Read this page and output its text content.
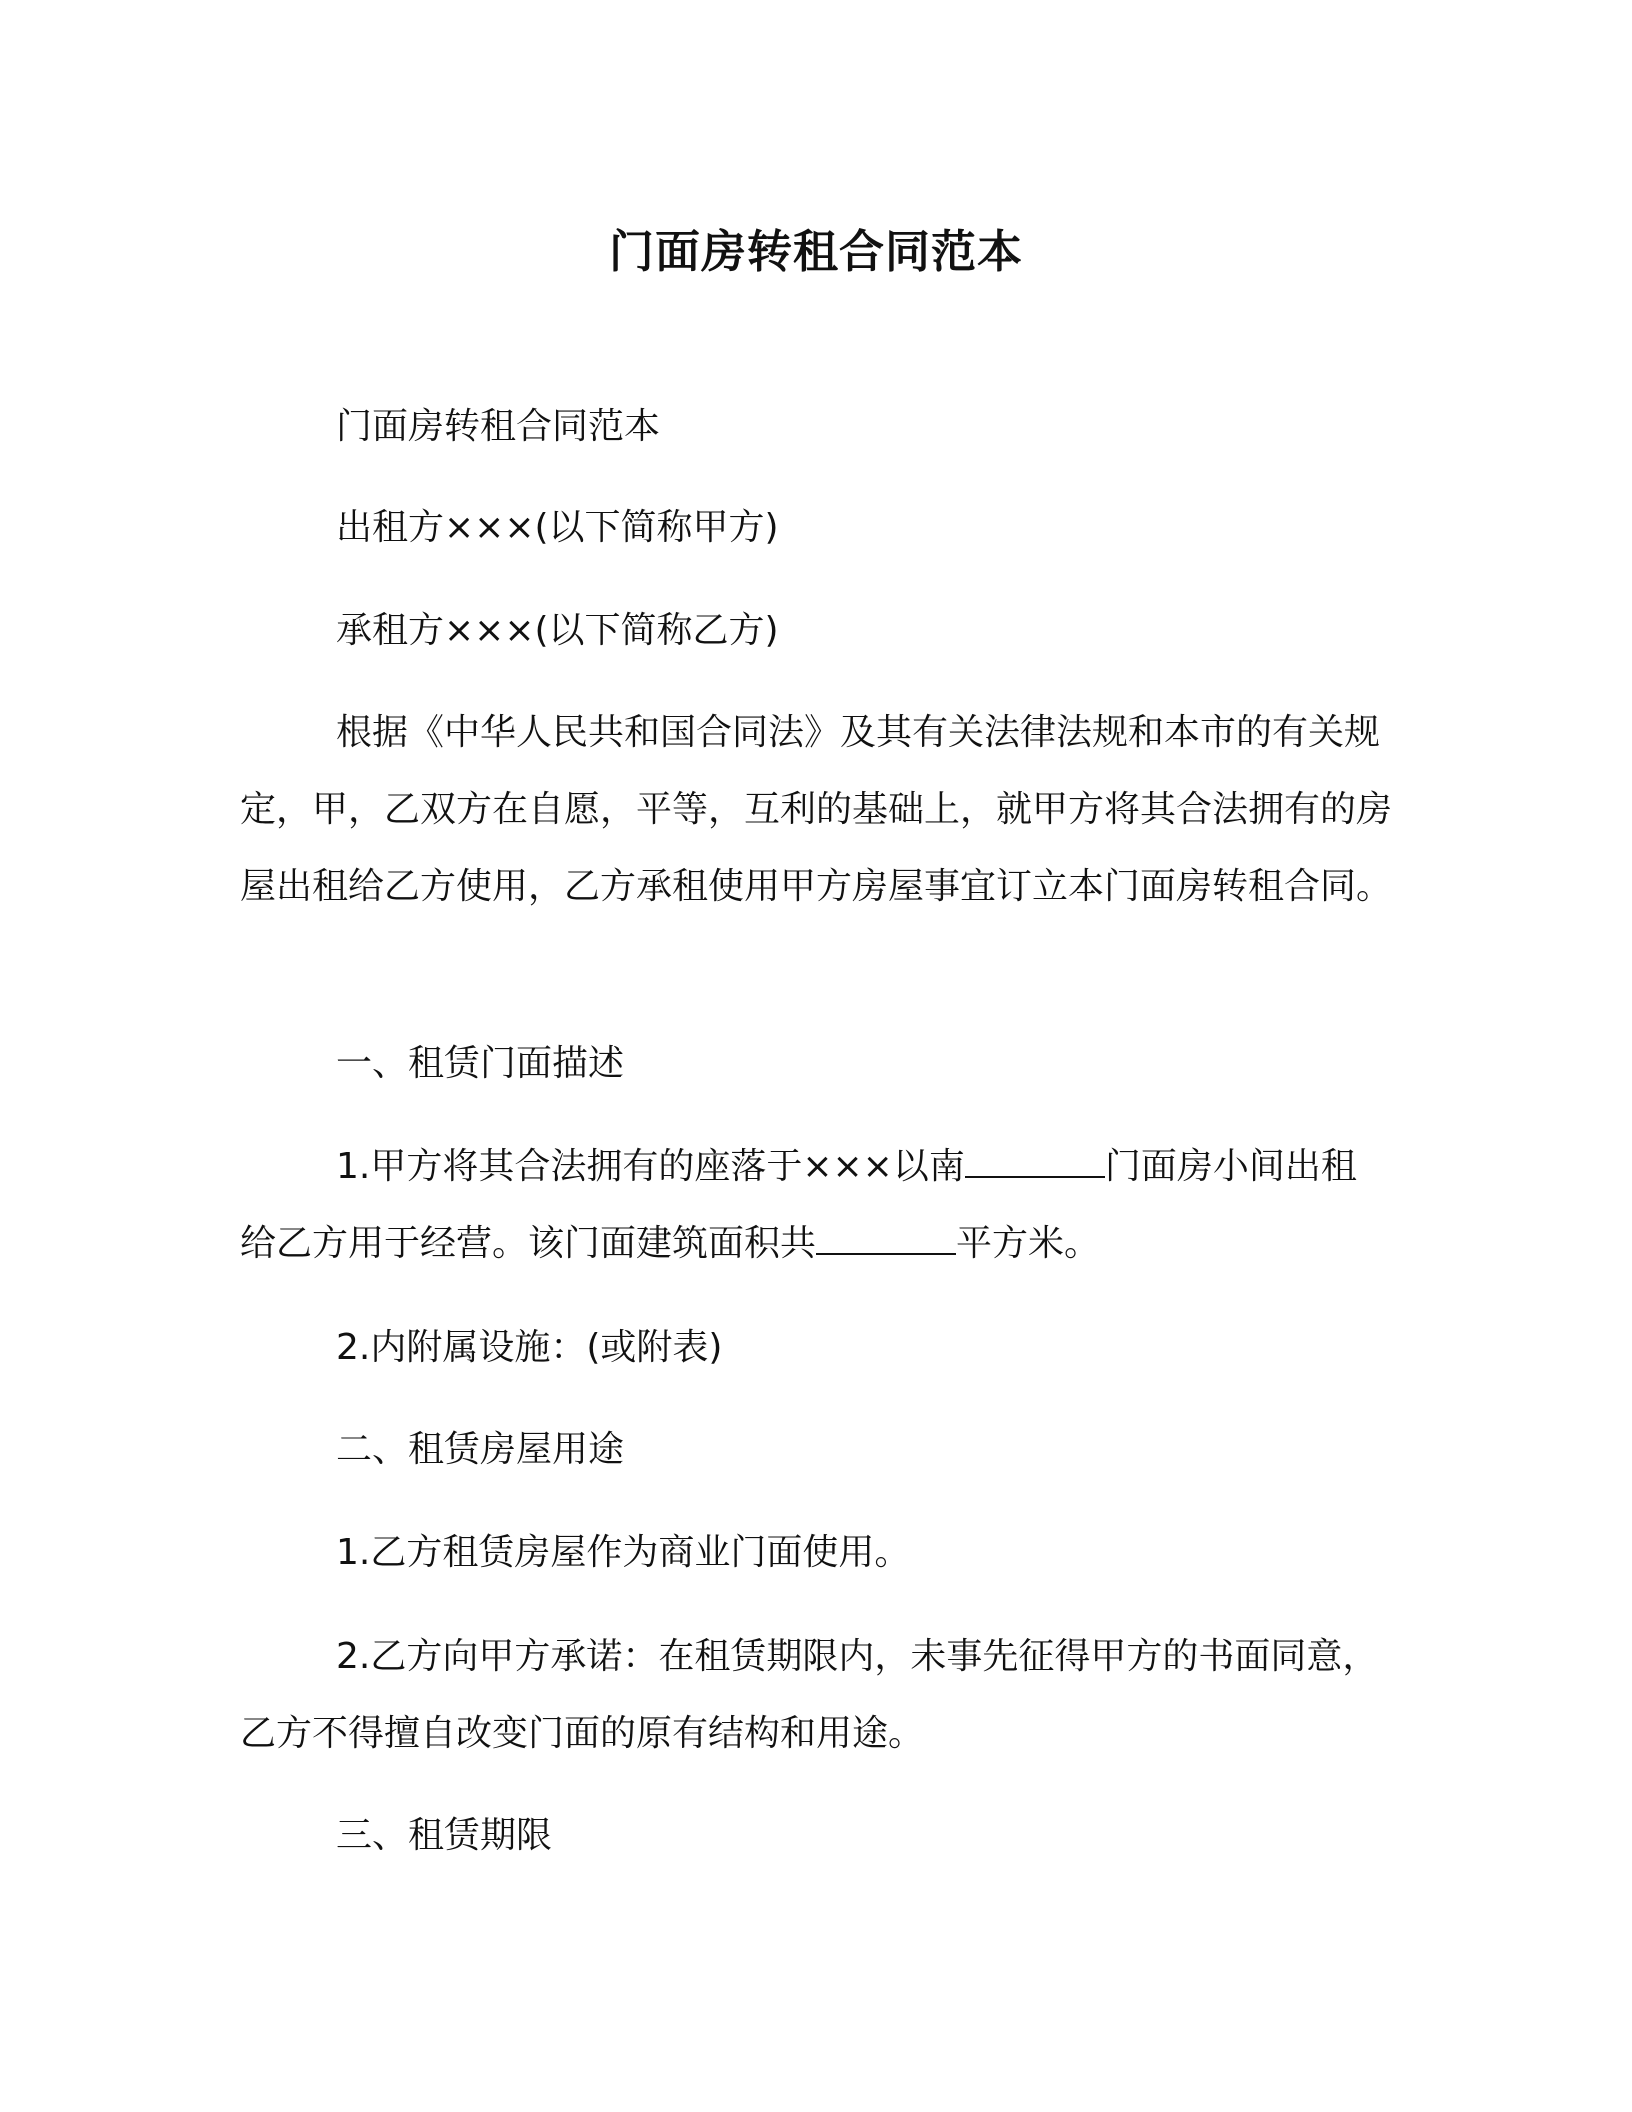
门面房转租合同范本

门面房转租合同范本

出租方×××(以下简称甲方)

承租方×××(以下简称乙方)

根据《中华人民共和国合同法》及其有关法律法规和本市的有关规定，甲，乙双方在自愿，平等，互利的基础上，就甲方将其合法拥有的房屋出租给乙方使用，乙方承租使用甲方房屋事宜订立本门面房转租合同。

一、租赁门面描述

1.甲方将其合法拥有的座落于×××以南	门面房小间出租给乙方用于经营。该门面建筑面积共	平方米。

2.内附属设施：(或附表)

二、租赁房屋用途

1.乙方租赁房屋作为商业门面使用。

2.乙方向甲方承诺：在租赁期限内，未事先征得甲方的书面同意，乙方不得擅自改变门面的原有结构和用途。

三、租赁期限
